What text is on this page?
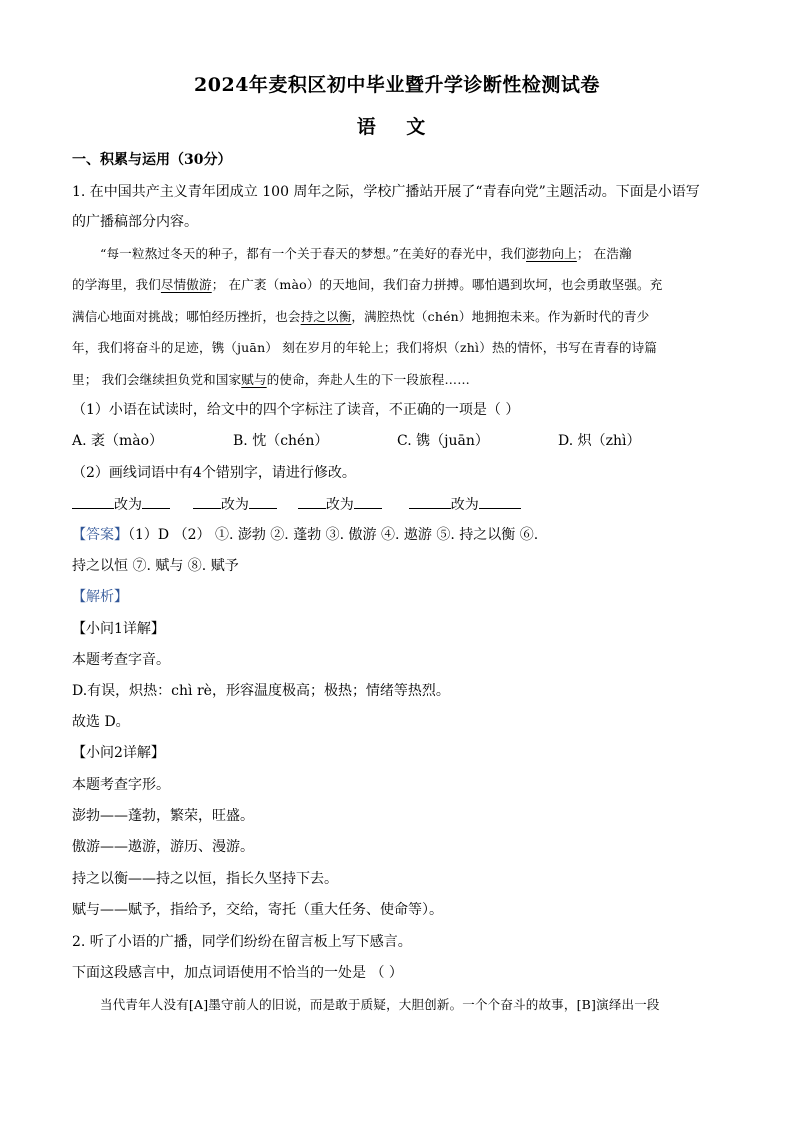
2024年麦积区初中毕业暨升学诊断性检测试卷
语 文
一、积累与运用（30分）
1. 在中国共产主义青年团成立 100 周年之际，学校广播站开展了“青春向党”主题活动。下面是小语写
的广播稿部分内容。
“每一粒熬过冬天的种子，都有一个关于春天的梦想。”在美好的春光中，我们澎勃向上； 在浩瀚
的学海里，我们尽情傲游； 在广袤（mào）的天地间，我们奋力拼搏。哪怕遇到坎坷，也会勇敢坚强。充
满信心地面对挑战；哪怕经历挫折，也会持之以衡，满腔热忱（chén）地拥抱未来。作为新时代的青少
年，我们将奋斗的足迹，镌（juān） 刻在岁月的年轮上；我们将炽（zhì）热的情怀，书写在青春的诗篇
里； 我们会继续担负党和国家赋与的使命，奔赴人生的下一段旅程……
（1）小语在试读时，给文中的四个字标注了读音，不正确的一项是（ ）
A. 袤（mào）	B. 忱（chén）	C. 镌（juān）	D. 炽（zhì）
（2）画线词语中有4个错别字，请进行修改。
改为	改为	改为	改为
【答案】（1）D （2） ①. 澎勃 ②. 蓬勃 ③. 傲游 ④. 遨游 ⑤. 持之以衡 ⑥.
持之以恒 ⑦. 赋与 ⑧. 赋予
【解析】
【小问1详解】
本题考查字音。
D.有误，炽热：chì rè，形容温度极高；极热；情绪等热烈。
故选 D。
【小问2详解】
本题考查字形。
澎勃——蓬勃，繁荣，旺盛。
傲游——遨游，游历、漫游。
持之以衡——持之以恒，指长久坚持下去。
赋与——赋予，指给予，交给，寄托（重大任务、使命等）。
2. 听了小语的广播，同学们纷纷在留言板上写下感言。
下面这段感言中，加点词语使用不恰当的一处是 （ ）
当代青年人没有[A]墨守前人的旧说，而是敢于质疑，大胆创新。一个个奋斗的故事，[B]演绎出一段
